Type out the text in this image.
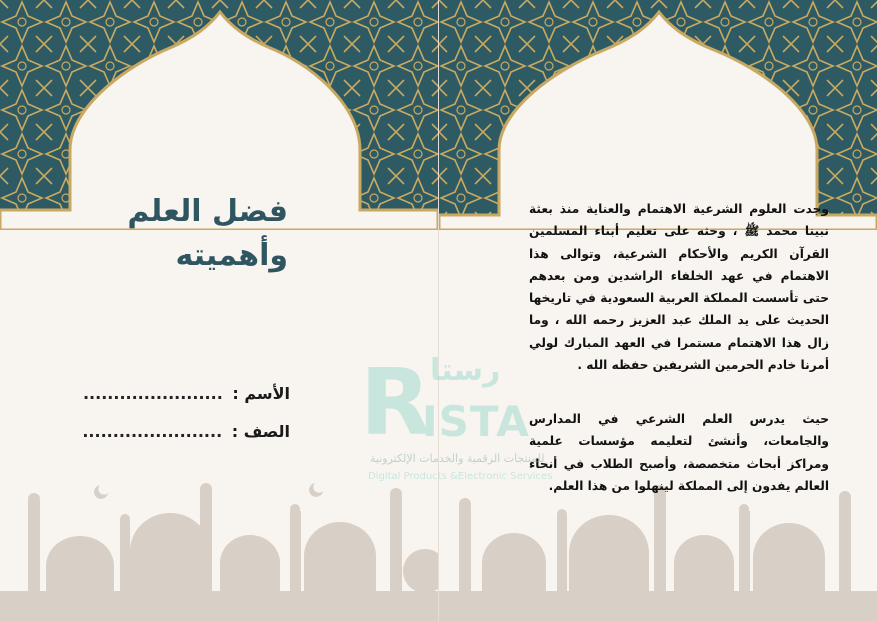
فضل العلم
وأهميته
الأسم : .......................
الصف : .......................

وجدت العلوم الشرعية الاهتمام والعناية منذ بعثة نبينا محمد ﷺ ، وحثه على تعليم أبناء المسلمين القرآن الكريم والأحكام الشرعية، وتوالى هذا الاهتمام في عهد الخلفاء الراشدين ومن بعدهم حتى تأسست المملكة العربية السعودية في تاريخها الحديث على يد الملك عبد العزيز رحمه الله ، وما زال هذا الاهتمام مستمرا في العهد المبارك لولي أمرنا خادم الحرمين الشريفين حفظه الله .

حيث يدرس العلم الشرعي في المدارس والجامعات، وأنشئ لتعليمه مؤسسات علمية ومراكز أبحاث متخصصة، وأصبح الطلاب في أنحاء العالم يفدون إلى المملكة لينهلوا من هذا العلم.

R رستا
ISTA
للمنتجات الرقمية والخدمات الإلكترونية
Digital Products &Electronic Services
